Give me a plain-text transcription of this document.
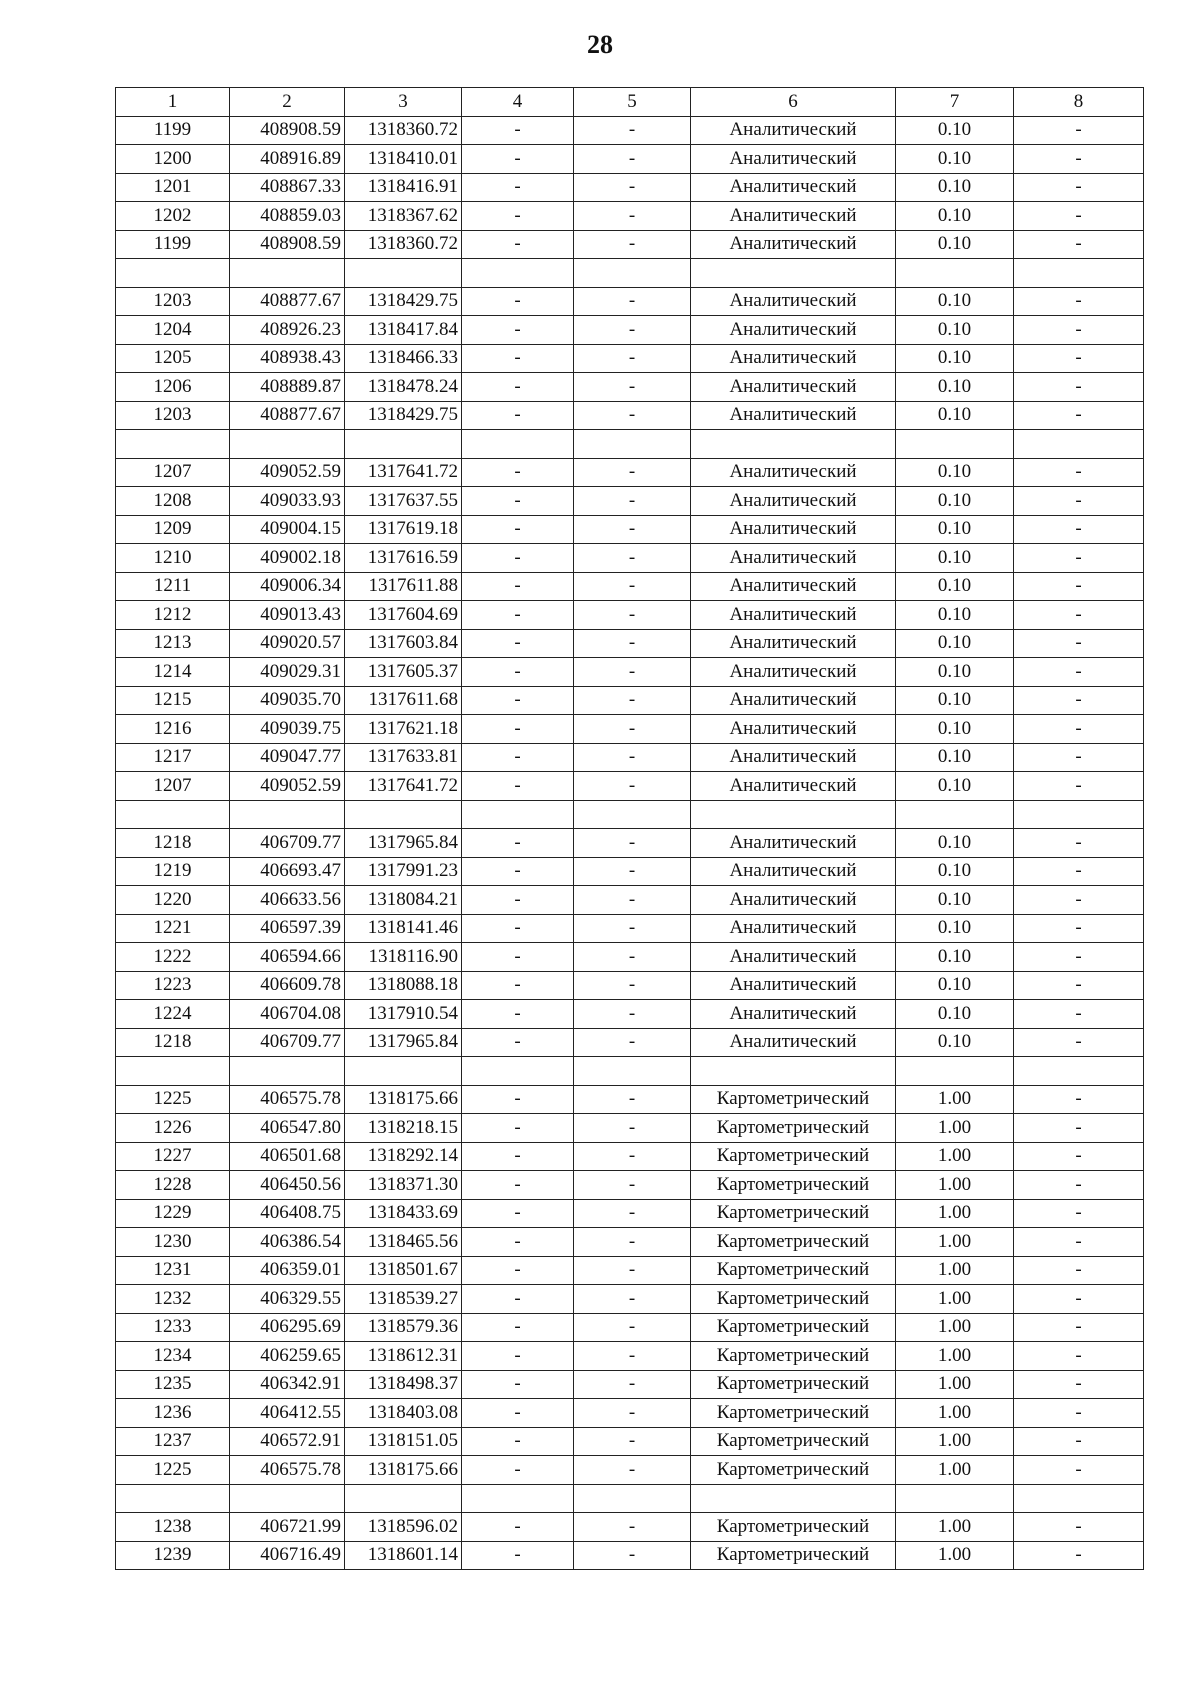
28
1	2	3	4	5	6	7	8
1199	408908.59	1318360.72	-	-	Аналитический	0.10	-
1200	408916.89	1318410.01	-	-	Аналитический	0.10	-
1201	408867.33	1318416.91	-	-	Аналитический	0.10	-
1202	408859.03	1318367.62	-	-	Аналитический	0.10	-
1199	408908.59	1318360.72	-	-	Аналитический	0.10	-

1203	408877.67	1318429.75	-	-	Аналитический	0.10	-
1204	408926.23	1318417.84	-	-	Аналитический	0.10	-
1205	408938.43	1318466.33	-	-	Аналитический	0.10	-
1206	408889.87	1318478.24	-	-	Аналитический	0.10	-
1203	408877.67	1318429.75	-	-	Аналитический	0.10	-

1207	409052.59	1317641.72	-	-	Аналитический	0.10	-
1208	409033.93	1317637.55	-	-	Аналитический	0.10	-
1209	409004.15	1317619.18	-	-	Аналитический	0.10	-
1210	409002.18	1317616.59	-	-	Аналитический	0.10	-
1211	409006.34	1317611.88	-	-	Аналитический	0.10	-
1212	409013.43	1317604.69	-	-	Аналитический	0.10	-
1213	409020.57	1317603.84	-	-	Аналитический	0.10	-
1214	409029.31	1317605.37	-	-	Аналитический	0.10	-
1215	409035.70	1317611.68	-	-	Аналитический	0.10	-
1216	409039.75	1317621.18	-	-	Аналитический	0.10	-
1217	409047.77	1317633.81	-	-	Аналитический	0.10	-
1207	409052.59	1317641.72	-	-	Аналитический	0.10	-

1218	406709.77	1317965.84	-	-	Аналитический	0.10	-
1219	406693.47	1317991.23	-	-	Аналитический	0.10	-
1220	406633.56	1318084.21	-	-	Аналитический	0.10	-
1221	406597.39	1318141.46	-	-	Аналитический	0.10	-
1222	406594.66	1318116.90	-	-	Аналитический	0.10	-
1223	406609.78	1318088.18	-	-	Аналитический	0.10	-
1224	406704.08	1317910.54	-	-	Аналитический	0.10	-
1218	406709.77	1317965.84	-	-	Аналитический	0.10	-

1225	406575.78	1318175.66	-	-	Картометрический	1.00	-
1226	406547.80	1318218.15	-	-	Картометрический	1.00	-
1227	406501.68	1318292.14	-	-	Картометрический	1.00	-
1228	406450.56	1318371.30	-	-	Картометрический	1.00	-
1229	406408.75	1318433.69	-	-	Картометрический	1.00	-
1230	406386.54	1318465.56	-	-	Картометрический	1.00	-
1231	406359.01	1318501.67	-	-	Картометрический	1.00	-
1232	406329.55	1318539.27	-	-	Картометрический	1.00	-
1233	406295.69	1318579.36	-	-	Картометрический	1.00	-
1234	406259.65	1318612.31	-	-	Картометрический	1.00	-
1235	406342.91	1318498.37	-	-	Картометрический	1.00	-
1236	406412.55	1318403.08	-	-	Картометрический	1.00	-
1237	406572.91	1318151.05	-	-	Картометрический	1.00	-
1225	406575.78	1318175.66	-	-	Картометрический	1.00	-

1238	406721.99	1318596.02	-	-	Картометрический	1.00	-
1239	406716.49	1318601.14	-	-	Картометрический	1.00	-
